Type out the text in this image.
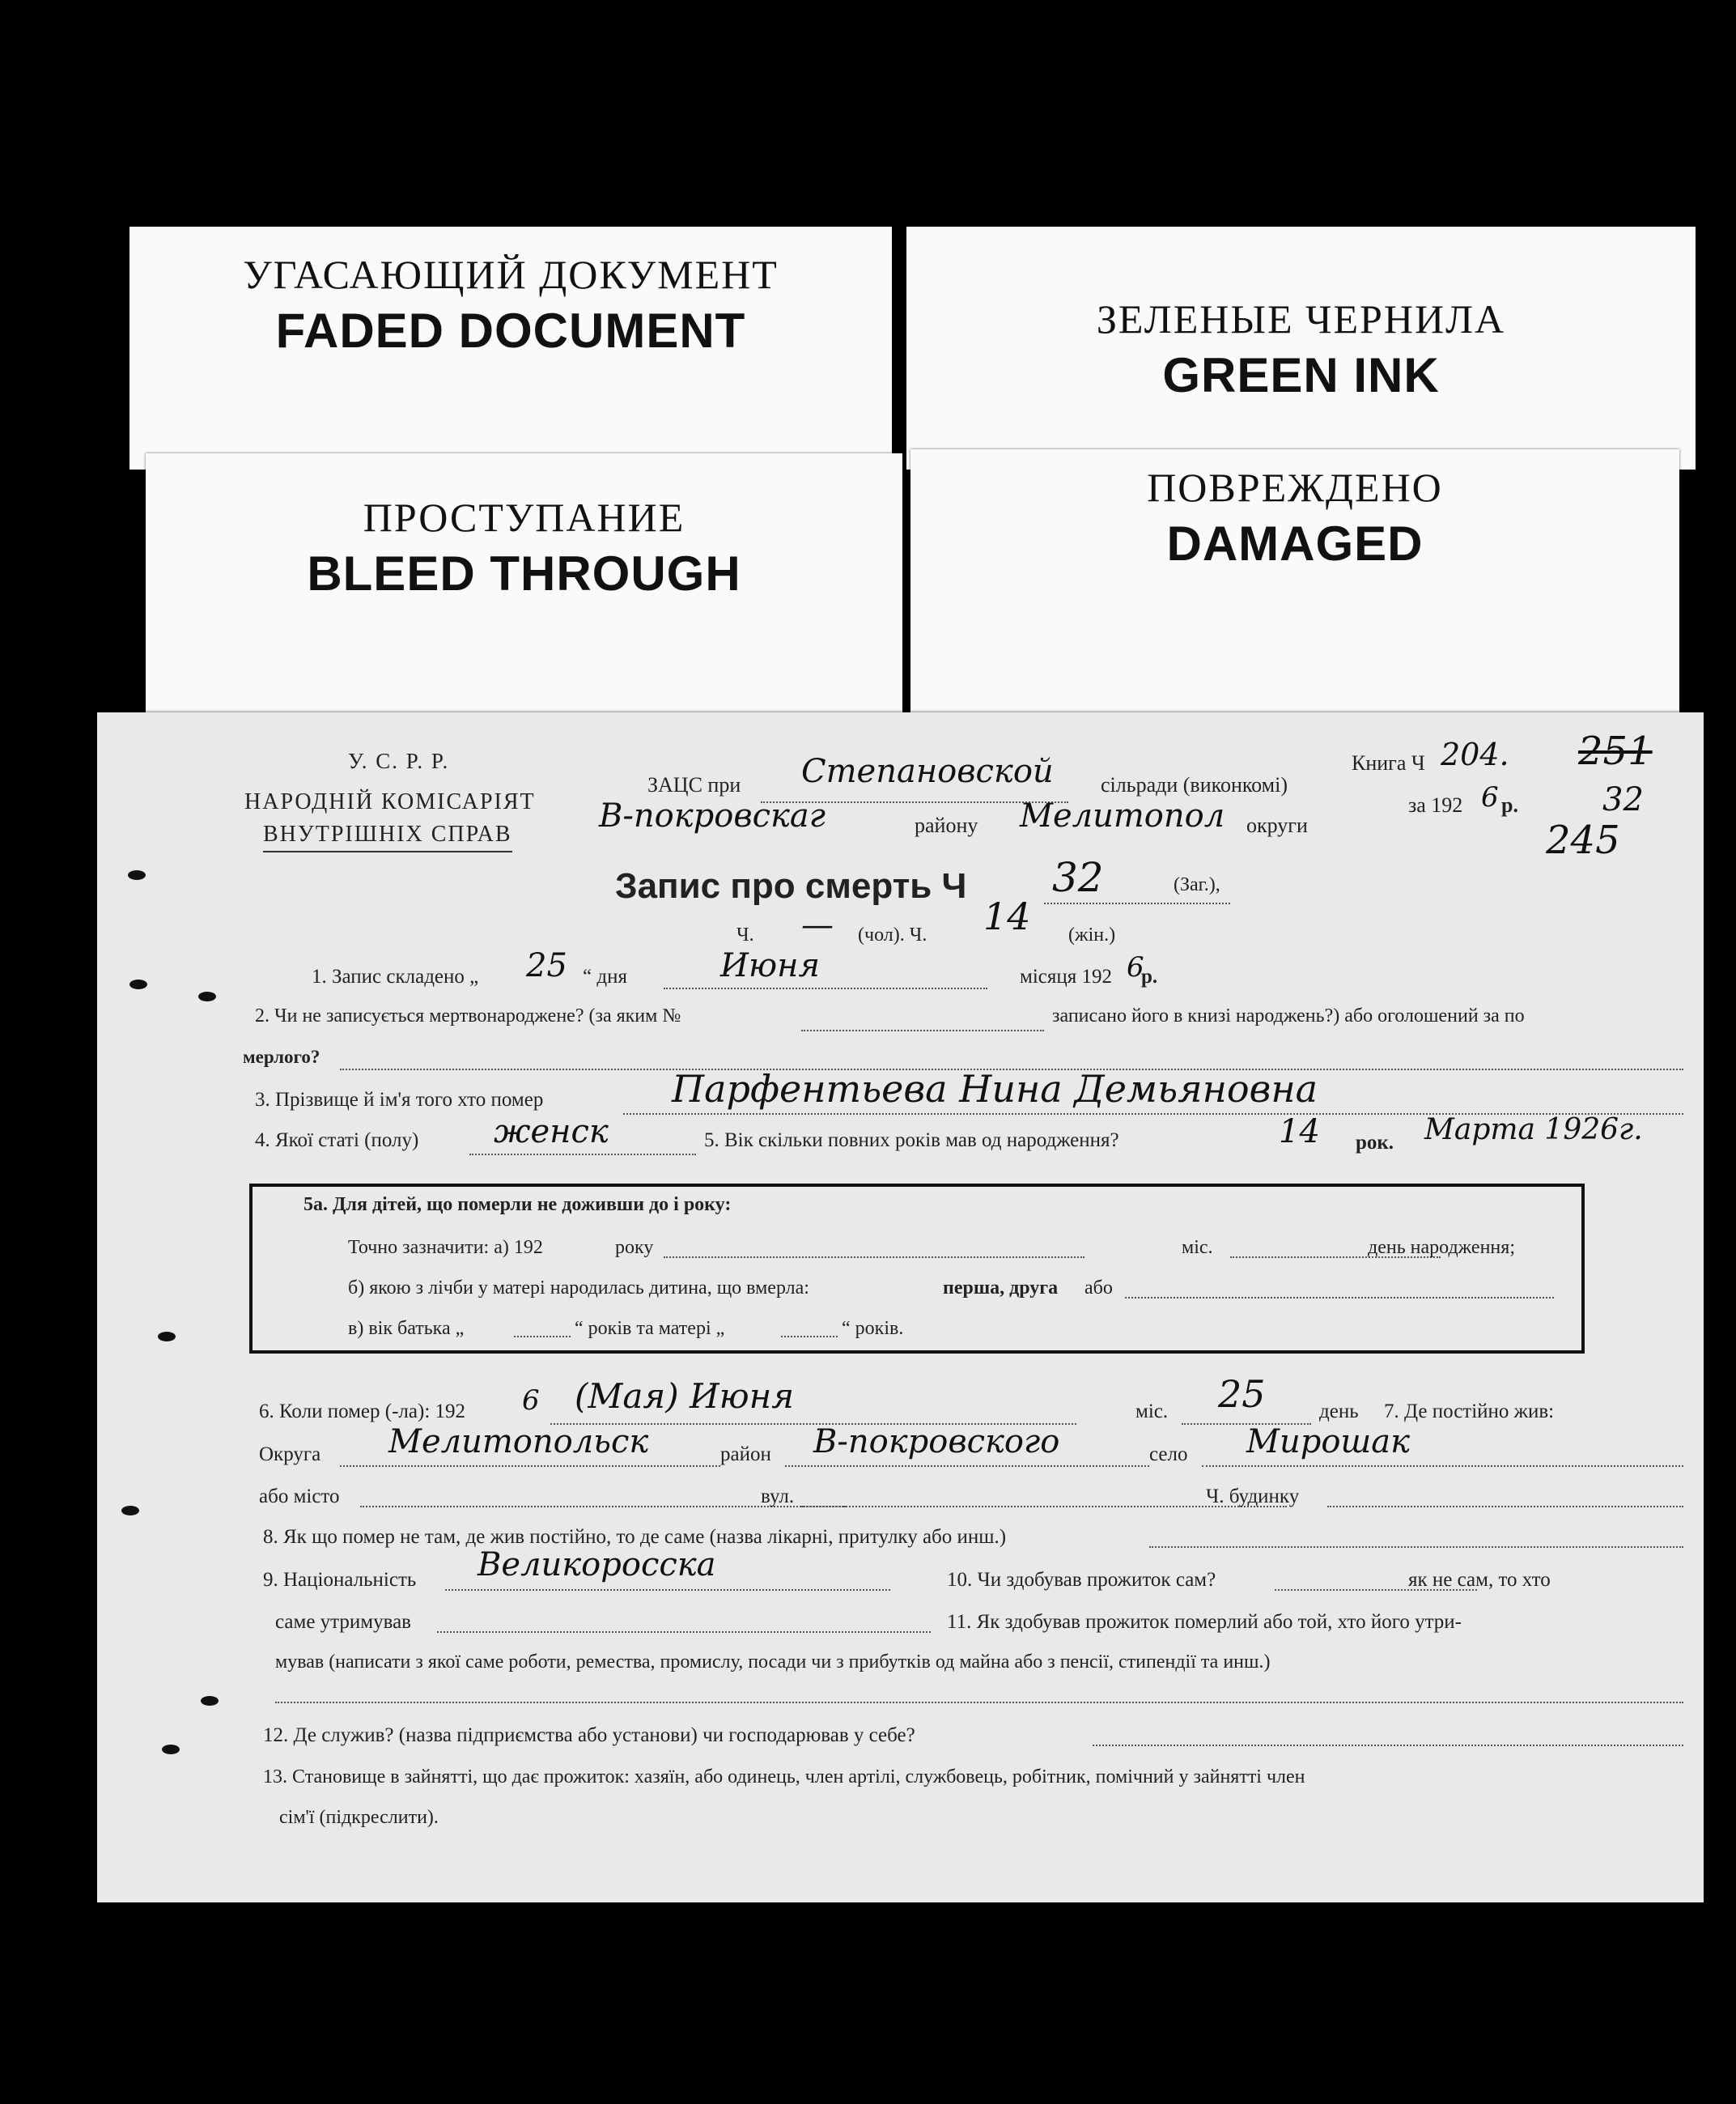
УГАСАЮЩИЙ ДОКУМЕНТ
FADED DOCUMENT	ЗЕЛЕНЫЕ ЧЕРНИЛА
GREEN INK
ПРОСТУПАНИЕ
BLEED THROUGH
ПОВРЕЖДЕНО
DAMAGED
У. С. Р. Р.
НАРОДНІЙ КОМІСАРІЯТ
ВНУТРІШНІХ СПРАВ
ЗАЦС при Степановской сільради (виконкомі)
Книга Ч 204.
В-покровскаг	району Мелитопол округи
за 192 6 р.
251
32
245
Запис про смерть Ч 32	(Заг.),
Ч. — (чол). Ч. 14 (жін.)
1. Запис складено „ 25 “ дня	Июня	місяця 192 6
р.
2. Чи не записується мертвонароджене? (за яким №	записано його в книзі народжень?) або оголошений за по
мерлого?
3. Прізвище й ім'я того хто помер	Парфентьева Нина Демьяновна
4. Якої статі (полу) женск	5. Вік скільки повних років мав од народження?	14 рок. Марта 1926г.
5а. Для дітей, що померли не доживши до і року:
Точно зазначити: а) 192	року	міс.	день народження;
б) якою з лічби у матері народилась дитина, що вмерла:	перша, друга або
в) вік батька „	“ років та матері „	“ років.
6. Коли помер (-ла): 192 6 (Мая) Июня	міс. 25	день 7. Де постійно жив:
Округа Мелитопольск	район В-покровского	село Мирошак
або місто	вул.	Ч. будинку
8. Як що помер не там, де жив постійно, то де саме (назва лікарні, притулку або инш.)
9. Національність Великоросска	10. Чи здобував прожиток сам?	як не сам, то хто
саме утримував	11. Як здобував прожиток померлий або той, хто його утри-
мував (написати з якої саме роботи, ремества, промислу, посади чи з прибутків од майна або з пенсії, стипендії та инш.)
12. Де служив? (назва підприємства або установи) чи господарював у себе?
13. Становище в зайнятті, що дає прожиток: хазяїн, або одинець, член артілі, службовець, робітник, помічний у зайнятті член
сім'ї (підкреслити).
